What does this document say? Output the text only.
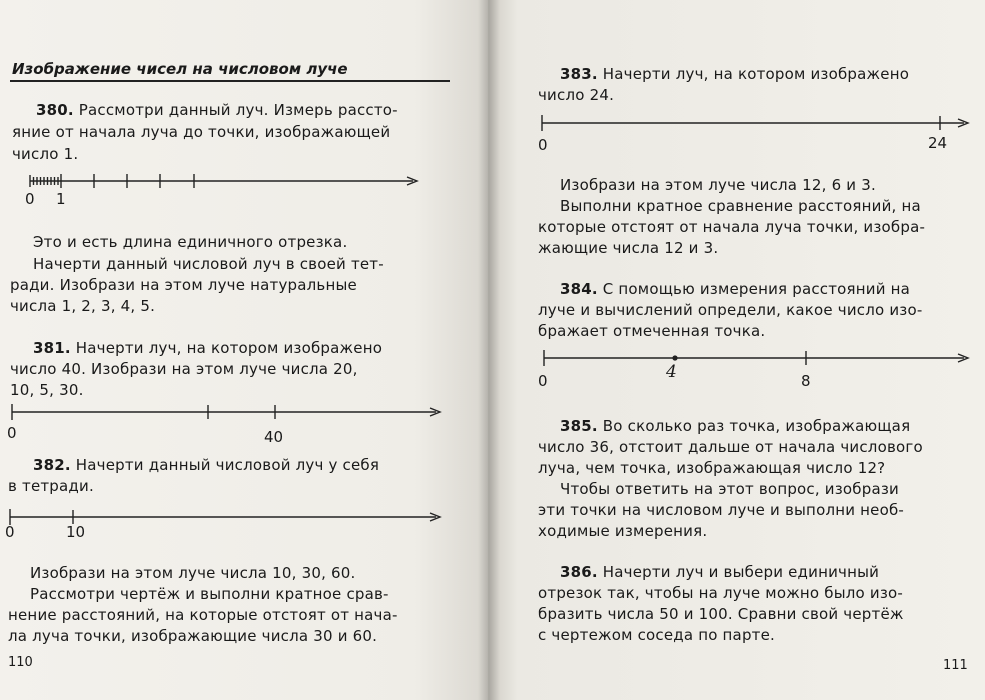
Изображение чисел на числовом луче
380. Рассмотри данный луч. Измерь рассто-
яние от начала луча до точки, изображающей
число 1.
0 1
Это и есть длина единичного отрезка.
Начерти данный числовой луч в своей тет-
ради. Изобрази на этом луче натуральные
числа 1, 2, 3, 4, 5.
381. Начерти луч, на котором изображено
число 40. Изобрази на этом луче числа 20,
10, 5, 30.
0	40
382. Начерти данный числовой луч у себя
в тетради.
0	10
Изобрази на этом луче числа 10, 30, 60.
Рассмотри чертёж и выполни кратное срав-
нение расстояний, на которые отстоят от нача-
ла луча точки, изображающие числа 30 и 60.
110
383. Начерти луч, на котором изображено
число 24.
0	24
Изобрази на этом луче числа 12, 6 и 3.
Выполни кратное сравнение расстояний, на
которые отстоят от начала луча точки, изобра-
жающие числа 12 и 3.
384. С помощью измерения расстояний на
луче и вычислений определи, какое число изо-
бражает отмеченная точка.
0	4	8
385. Во сколько раз точка, изображающая
число 36, отстоит дальше от начала числового
луча, чем точка, изображающая число 12?
Чтобы ответить на этот вопрос, изобрази
эти точки на числовом луче и выполни необ-
ходимые измерения.
386. Начерти луч и выбери единичный
отрезок так, чтобы на луче можно было изо-
бразить числа 50 и 100. Сравни свой чертёж
с чертежом соседа по парте.
111
